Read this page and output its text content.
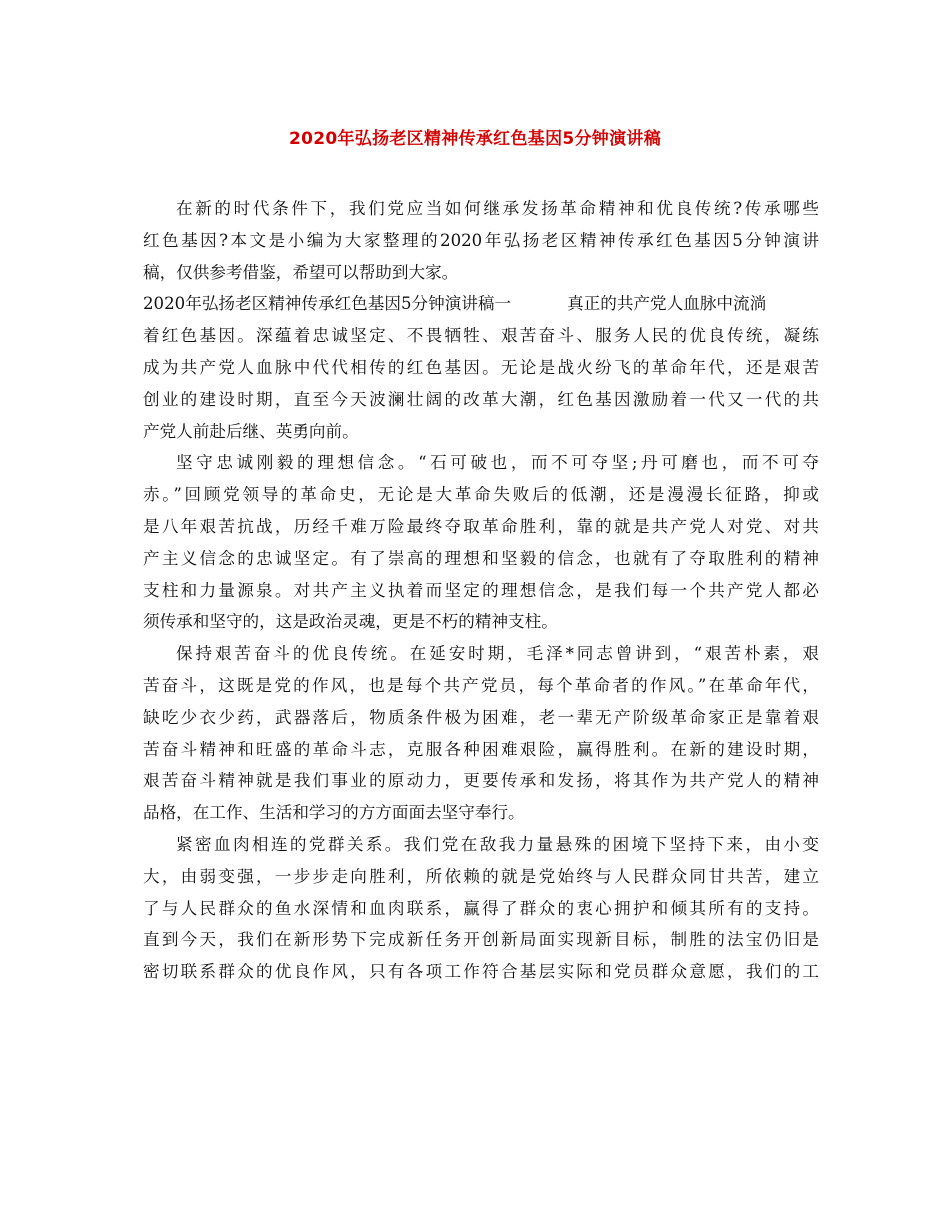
2020年弘扬老区精神传承红色基因5分钟演讲稿
在新的时代条件下，我们党应当如何继承发扬革命精神和优良传统?传承哪些
红色基因?本文是小编为大家整理的2020年弘扬老区精神传承红色基因5分钟演讲
稿，仅供参考借鉴，希望可以帮助到大家。
2020年弘扬老区精神传承红色基因5分钟演讲稿一	真正的共产党人血脉中流淌
着红色基因。深蕴着忠诚坚定、不畏牺牲、艰苦奋斗、服务人民的优良传统，凝练
成为共产党人血脉中代代相传的红色基因。无论是战火纷飞的革命年代，还是艰苦
创业的建设时期，直至今天波澜壮阔的改革大潮，红色基因激励着一代又一代的共
产党人前赴后继、英勇向前。
坚守忠诚刚毅的理想信念。“石可破也，而不可夺坚;丹可磨也，而不可夺
赤。”回顾党领导的革命史，无论是大革命失败后的低潮，还是漫漫长征路，抑或
是八年艰苦抗战，历经千难万险最终夺取革命胜利，靠的就是共产党人对党、对共
产主义信念的忠诚坚定。有了崇高的理想和坚毅的信念，也就有了夺取胜利的精神
支柱和力量源泉。对共产主义执着而坚定的理想信念，是我们每一个共产党人都必
须传承和坚守的，这是政治灵魂，更是不朽的精神支柱。
保持艰苦奋斗的优良传统。在延安时期，毛泽*同志曾讲到，“艰苦朴素，艰
苦奋斗，这既是党的作风，也是每个共产党员，每个革命者的作风。”在革命年代，
缺吃少衣少药，武器落后，物质条件极为困难，老一辈无产阶级革命家正是靠着艰
苦奋斗精神和旺盛的革命斗志，克服各种困难艰险，赢得胜利。在新的建设时期，
艰苦奋斗精神就是我们事业的原动力，更要传承和发扬，将其作为共产党人的精神
品格，在工作、生活和学习的方方面面去坚守奉行。
紧密血肉相连的党群关系。我们党在敌我力量悬殊的困境下坚持下来，由小变
大，由弱变强，一步步走向胜利，所依赖的就是党始终与人民群众同甘共苦，建立
了与人民群众的鱼水深情和血肉联系，赢得了群众的衷心拥护和倾其所有的支持。
直到今天，我们在新形势下完成新任务开创新局面实现新目标，制胜的法宝仍旧是
密切联系群众的优良作风，只有各项工作符合基层实际和党员群众意愿，我们的工
